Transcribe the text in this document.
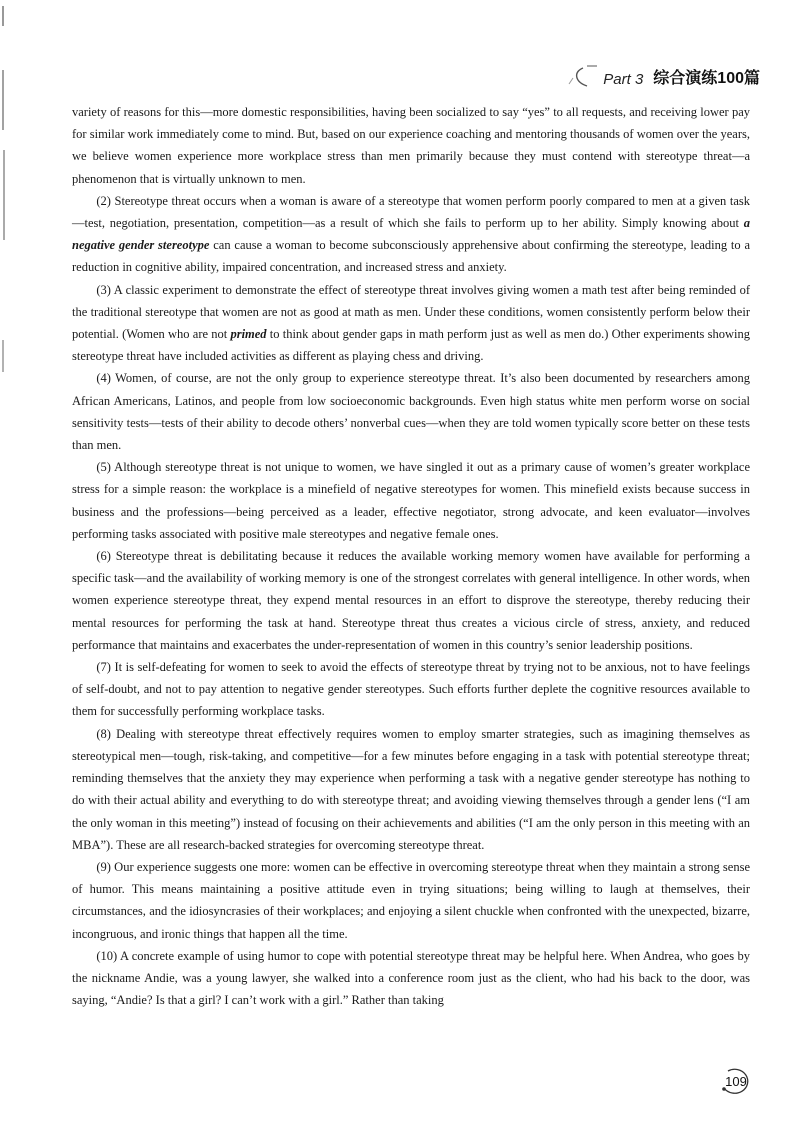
Part 3 综合演练100篇

variety of reasons for this—more domestic responsibilities, having been socialized to say “yes” to all requests, and receiving lower pay for similar work immediately come to mind. But, based on our experience coaching and mentoring thousands of women over the years, we believe women experience more workplace stress than men primarily because they must contend with stereotype threat—a phenomenon that is virtually unknown to men.

(2) Stereotype threat occurs when a woman is aware of a stereotype that women perform poorly compared to men at a given task—test, negotiation, presentation, competition—as a result of which she fails to perform up to her ability. Simply knowing about a negative gender stereotype can cause a woman to become subconsciously apprehensive about confirming the stereotype, leading to a reduction in cognitive ability, impaired concentration, and increased stress and anxiety.

(3) A classic experiment to demonstrate the effect of stereotype threat involves giving women a math test after being reminded of the traditional stereotype that women are not as good at math as men. Under these conditions, women consistently perform below their potential. (Women who are not primed to think about gender gaps in math perform just as well as men do.) Other experiments showing stereotype threat have included activities as different as playing chess and driving.

(4) Women, of course, are not the only group to experience stereotype threat. It’s also been documented by researchers among African Americans, Latinos, and people from low socioeconomic backgrounds. Even high status white men perform worse on social sensitivity tests—tests of their ability to decode others’ nonverbal cues—when they are told women typically score better on these tests than men.

(5) Although stereotype threat is not unique to women, we have singled it out as a primary cause of women’s greater workplace stress for a simple reason: the workplace is a minefield of negative stereotypes for women. This minefield exists because success in business and the professions—being perceived as a leader, effective negotiator, strong advocate, and keen evaluator—involves performing tasks associated with positive male stereotypes and negative female ones.

(6) Stereotype threat is debilitating because it reduces the available working memory women have available for performing a specific task—and the availability of working memory is one of the strongest correlates with general intelligence. In other words, when women experience stereotype threat, they expend mental resources in an effort to disprove the stereotype, thereby reducing their mental resources for performing the task at hand. Stereotype threat thus creates a vicious circle of stress, anxiety, and reduced performance that maintains and exacerbates the under-representation of women in this country’s senior leadership positions.

(7) It is self-defeating for women to seek to avoid the effects of stereotype threat by trying not to be anxious, not to have feelings of self-doubt, and not to pay attention to negative gender stereotypes. Such efforts further deplete the cognitive resources available to them for successfully performing workplace tasks.

(8) Dealing with stereotype threat effectively requires women to employ smarter strategies, such as imagining themselves as stereotypical men—tough, risk-taking, and competitive—for a few minutes before engaging in a task with potential stereotype threat; reminding themselves that the anxiety they may experience when performing a task with a negative gender stereotype has nothing to do with their actual ability and everything to do with stereotype threat; and avoiding viewing themselves through a gender lens (“I am the only woman in this meeting”) instead of focusing on their achievements and abilities (“I am the only person in this meeting with an MBA”). These are all research-backed strategies for overcoming stereotype threat.

(9) Our experience suggests one more: women can be effective in overcoming stereotype threat when they maintain a strong sense of humor. This means maintaining a positive attitude even in trying situations; being willing to laugh at themselves, their circumstances, and the idiosyncrasies of their workplaces; and enjoying a silent chuckle when confronted with the unexpected, bizarre, incongruous, and ironic things that happen all the time.

(10) A concrete example of using humor to cope with potential stereotype threat may be helpful here. When Andrea, who goes by the nickname Andie, was a young lawyer, she walked into a conference room just as the client, who had his back to the door, was saying, “Andie? Is that a girl? I can’t work with a girl.” Rather than taking

109
